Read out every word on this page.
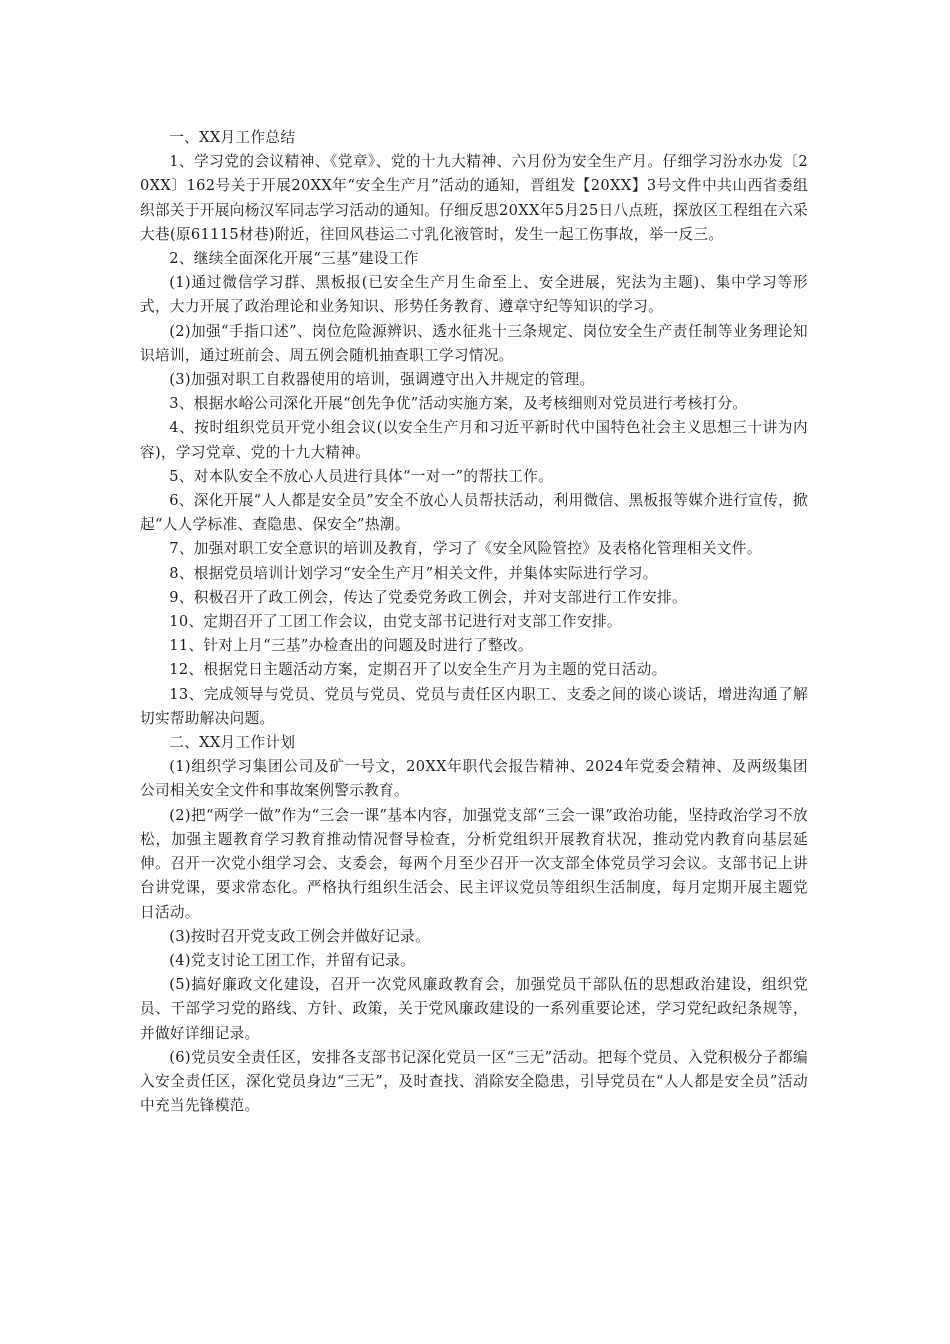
一、XX月工作总结

1、学习党的会议精神、《党章》、党的十九大精神、六月份为安全生产月。仔细学习汾水办发〔20XX〕162号关于开展20XX年“安全生产月”活动的通知，晋组发【20XX】3号文件中共山西省委组织部关于开展向杨汉军同志学习活动的通知。仔细反思20XX年5月25日八点班，探放区工程组在六采大巷(原61115材巷)附近，往回风巷运二寸乳化液管时，发生一起工伤事故，举一反三。

2、继续全面深化开展“三基”建设工作

(1)通过微信学习群、黑板报(已安全生产月生命至上、安全进展，宪法为主题)、集中学习等形式，大力开展了政治理论和业务知识、形势任务教育、遵章守纪等知识的学习。

(2)加强“手指口述”、岗位危险源辨识、透水征兆十三条规定、岗位安全生产责任制等业务理论知识培训，通过班前会、周五例会随机抽查职工学习情况。

(3)加强对职工自救器使用的培训，强调遵守出入井规定的管理。

3、根据水峪公司深化开展“创先争优”活动实施方案，及考核细则对党员进行考核打分。

4、按时组织党员开党小组会议(以安全生产月和习近平新时代中国特色社会主义思想三十讲为内容)，学习党章、党的十九大精神。

5、对本队安全不放心人员进行具体“一对一”的帮扶工作。

6、深化开展“人人都是安全员”安全不放心人员帮扶活动，利用微信、黑板报等媒介进行宣传，掀起“人人学标准、查隐患、保安全”热潮。

7、加强对职工安全意识的培训及教育，学习了《安全风险管控》及表格化管理相关文件。

8、根据党员培训计划学习“安全生产月”相关文件，并集体实际进行学习。

9、积极召开了政工例会，传达了党委党务政工例会，并对支部进行工作安排。

10、定期召开了工团工作会议，由党支部书记进行对支部工作安排。

11、针对上月“三基”办检查出的问题及时进行了整改。

12、根据党日主题活动方案，定期召开了以安全生产月为主题的党日活动。

13、完成领导与党员、党员与党员、党员与责任区内职工、支委之间的谈心谈话，增进沟通了解切实帮助解决问题。

二、XX月工作计划

(1)组织学习集团公司及矿一号文，20XX年职代会报告精神、2024年党委会精神、及两级集团公司相关安全文件和事故案例警示教育。

(2)把“两学一做”作为“三会一课”基本内容，加强党支部“三会一课”政治功能，坚持政治学习不放松，加强主题教育学习教育推动情况督导检查，分析党组织开展教育状况，推动党内教育向基层延伸。召开一次党小组学习会、支委会，每两个月至少召开一次支部全体党员学习会议。支部书记上讲台讲党课，要求常态化。严格执行组织生活会、民主评议党员等组织生活制度，每月定期开展主题党日活动。

(3)按时召开党支政工例会并做好记录。

(4)党支讨论工团工作，并留有记录。

(5)搞好廉政文化建设，召开一次党风廉政教育会，加强党员干部队伍的思想政治建设，组织党员、干部学习党的路线、方针、政策，关于党风廉政建设的一系列重要论述，学习党纪政纪条规等，并做好详细记录。

(6)党员安全责任区，安排各支部书记深化党员一区“三无”活动。把每个党员、入党积极分子都编入安全责任区，深化党员身边“三无”，及时查找、消除安全隐患，引导党员在“人人都是安全员”活动中充当先锋模范。
